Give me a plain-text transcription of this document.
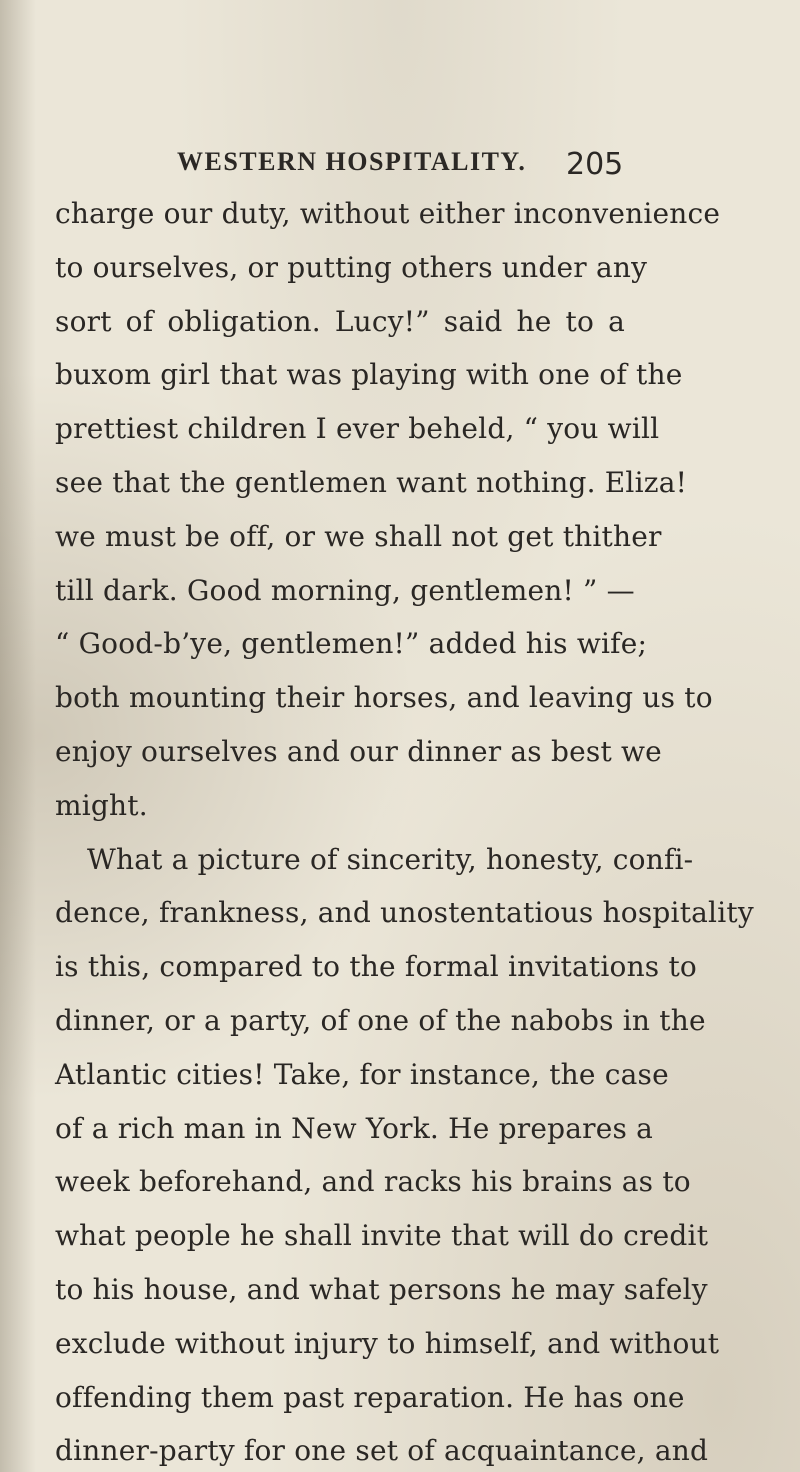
WESTERN HOSPITALITY. 205
charge our duty, without either inconvenience
to ourselves, or putting others under any
sort of obligation. Lucy!” said he to a
buxom girl that was playing with one of the
prettiest children I ever beheld, “ you will
see that the gentlemen want nothing. Eliza!
we must be off, or we shall not get thither
till dark. Good morning, gentlemen! ” —
“ Good-b’ye, gentlemen!” added his wife;
both mounting their horses, and leaving us to
enjoy ourselves and our dinner as best we
might.
What a picture of sincerity, honesty, confi-
dence, frankness, and unostentatious hospitality
is this, compared to the formal invitations to
dinner, or a party, of one of the nabobs in the
Atlantic cities! Take, for instance, the case
of a rich man in New York. He prepares a
week beforehand, and racks his brains as to
what people he shall invite that will do credit
to his house, and what persons he may safely
exclude without injury to himself, and without
offending them past reparation. He has one
dinner-party for one set of acquaintance, and
